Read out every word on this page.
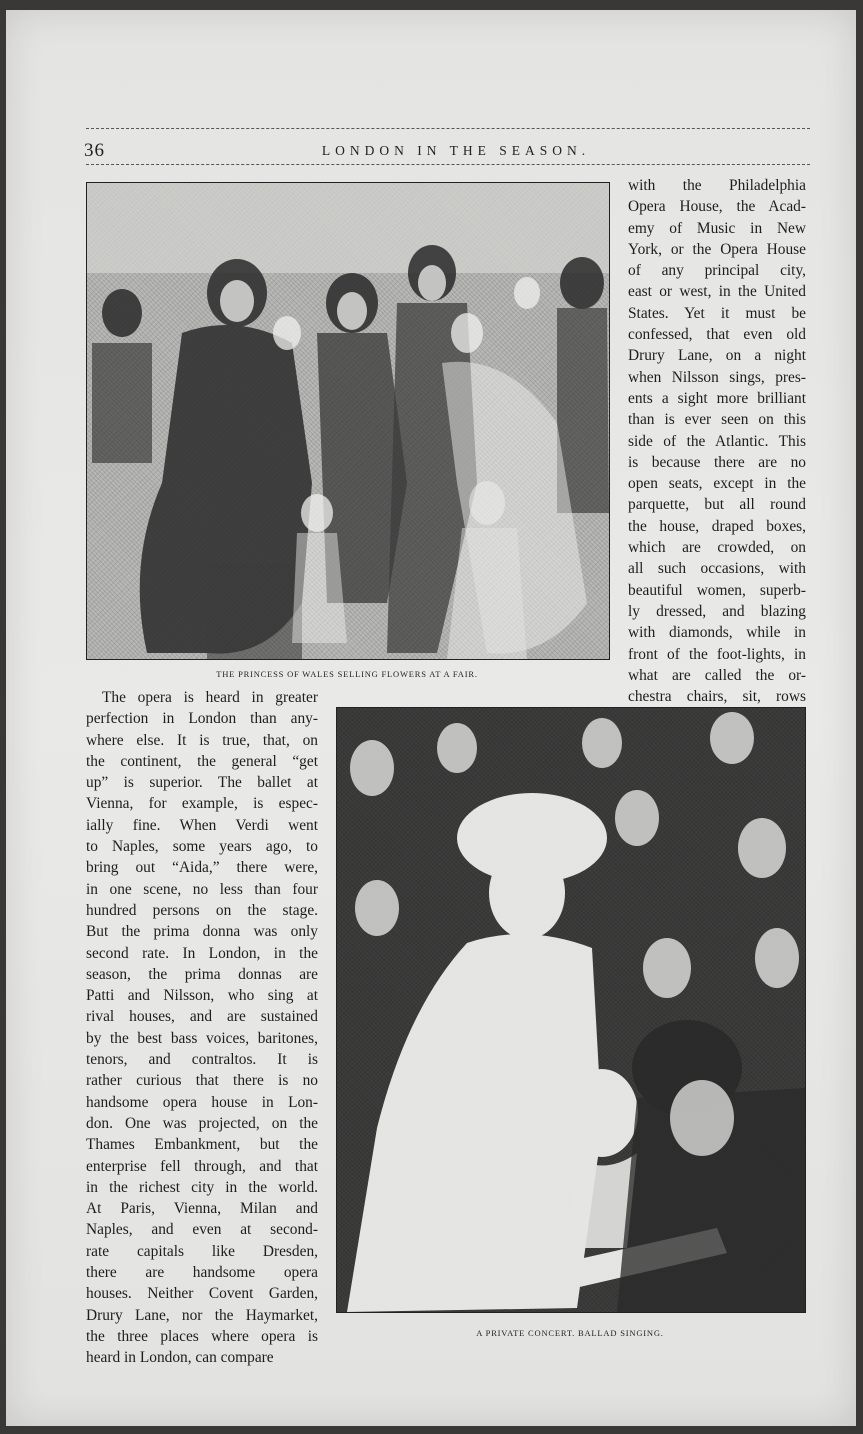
36	LONDON IN THE SEASON.
THE PRINCESS OF WALES SELLING FLOWERS AT A FAIR.
with the Philadelphia
Opera House, the Acad-
emy of Music in New
York, or the Opera House
of any principal city,
east or west, in the United
States. Yet it must be
confessed, that even old
Drury Lane, on a night
when Nilsson sings, pres-
ents a sight more brilliant
than is ever seen on this
side of the Atlantic. This
is because there are no
open seats, except in the
parquette, but all round
the house, draped boxes,
which are crowded, on
all such occasions, with
beautiful women, superb-
ly dressed, and blazing
with diamonds, while in
front of the foot-lights, in
what are called the or-
chestra chairs, sit, rows
A PRIVATE CONCERT. BALLAD SINGING.
The opera is heard in greater
perfection in London than any-
where else. It is true, that, on
the continent, the general “get
up” is superior. The ballet at
Vienna, for example, is espec-
ially fine. When Verdi went
to Naples, some years ago, to
bring out “Aida,” there were,
in one scene, no less than four
hundred persons on the stage.
But the prima donna was only
second rate. In London, in the
season, the prima donnas are
Patti and Nilsson, who sing at
rival houses, and are sustained
by the best bass voices, baritones,
tenors, and contraltos. It is
rather curious that there is no
handsome opera house in Lon-
don. One was projected, on the
Thames Embankment, but the
enterprise fell through, and that
in the richest city in the world.
At Paris, Vienna, Milan and
Naples, and even at second-
rate capitals like Dresden,
there are handsome opera
houses. Neither Covent Garden,
Drury Lane, nor the Haymarket,
the three places where opera is
heard in London, can compare
